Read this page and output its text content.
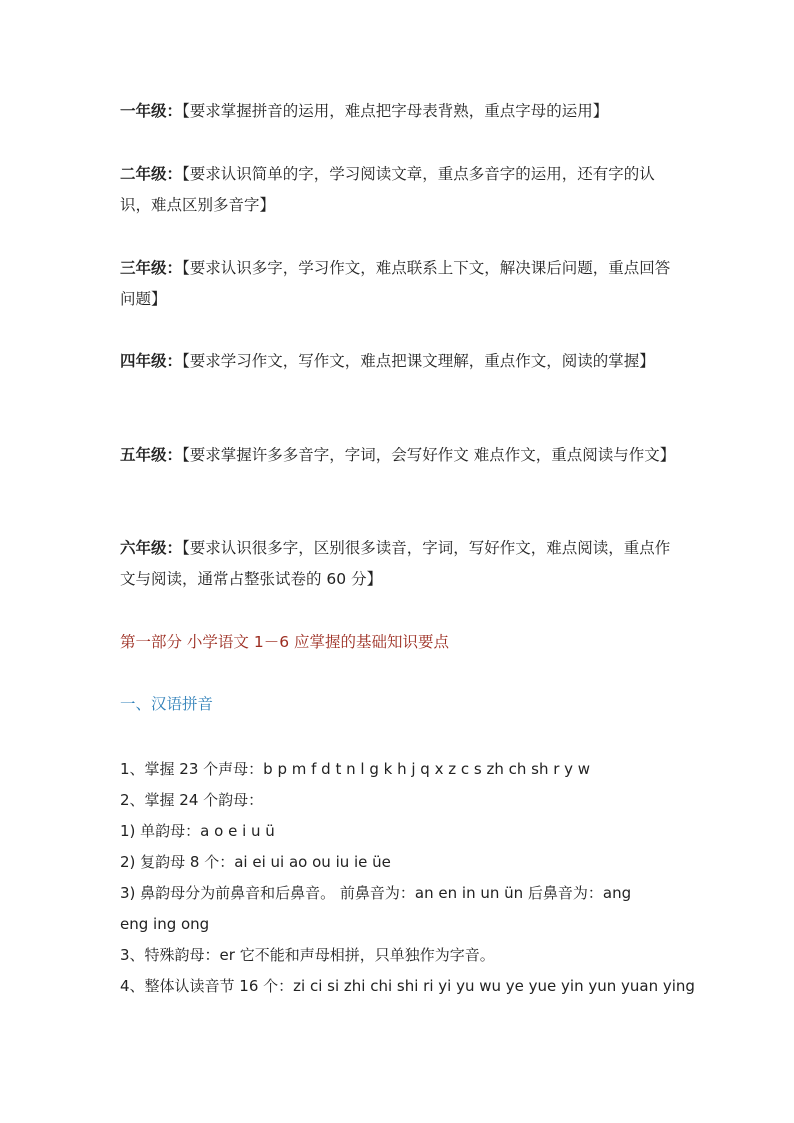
一年级：【要求掌握拼音的运用，难点把字母表背熟，重点字母的运用】

二年级：【要求认识简单的字，学习阅读文章，重点多音字的运用，还有字的认识，难点区别多音字】

三年级：【要求认识多字，学习作文，难点联系上下文，解决课后问题，重点回答问题】

四年级：【要求学习作文，写作文，难点把课文理解，重点作文，阅读的掌握】

五年级：【要求掌握许多多音字，字词，会写好作文 难点作文，重点阅读与作文】

六年级：【要求认识很多字，区别很多读音，字词，写好作文，难点阅读，重点作文与阅读，通常占整张试卷的 60 分】

第一部分 小学语文 1－6 应掌握的基础知识要点
一、汉语拼音

1、掌握 23 个声母：b p m f d t n l g k h j q x z c s zh ch sh r y w

2、掌握 24 个韵母：

1) 单韵母：a o e i u ü

2) 复韵母 8 个：ai ei ui ao ou iu ie üe

3) 鼻韵母分为前鼻音和后鼻音。 前鼻音为：an en in un ün 后鼻音为：ang

eng ing ong

3、特殊韵母：er 它不能和声母相拼，只单独作为字音。

4、整体认读音节 16 个：zi ci si zhi chi shi ri yi yu wu ye yue yin yun yuan ying
